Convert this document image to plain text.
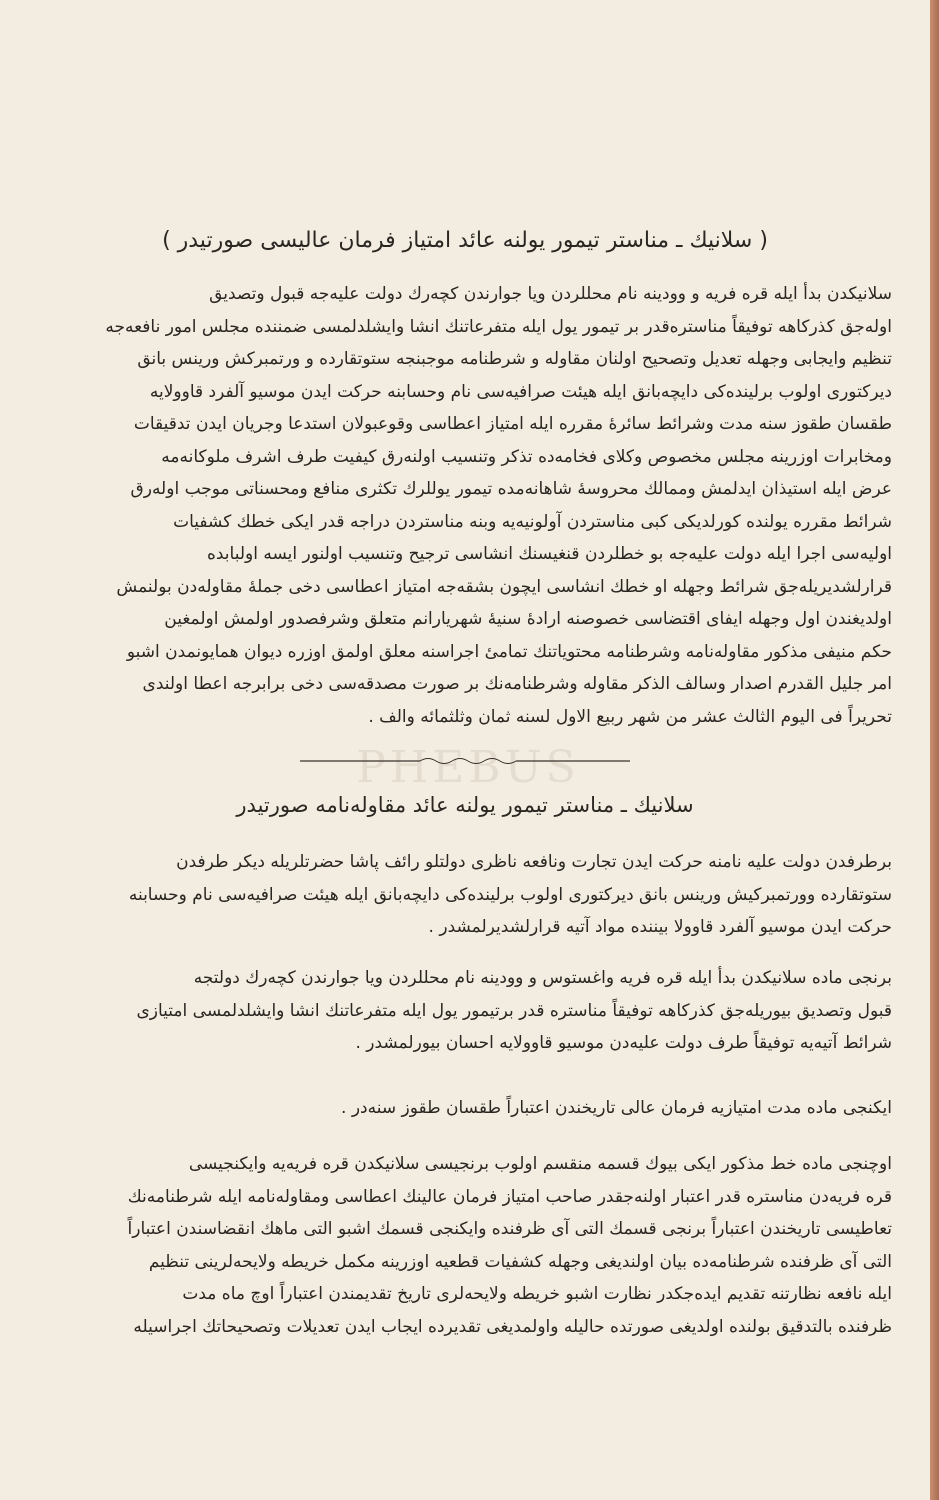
( سلانیك ـ مناستر تیمور یولنه عائد امتیاز فرمان عالیسی صورتیدر )
سلانیکدن بدأ ایله قره فریه و وودینه نام محللردن ویا جوارندن کچه‌رك دولت علیه‌جه قبول وتصدیق
اوله‌جق کذرکاهه توفیقاً مناستره‌قدر بر تیمور یول ایله متفرعاتنك انشا وایشلدلمسی ضمننده مجلس امور نافعه‌جه
تنظیم وایجابی وجهله تعدیل وتصحیح اولنان مقاوله و شرطنامه موجبنجه ستوتقارده و ورتمبرکش ورینس بانق
دیرکتوری اولوب برلینده‌کی دایچه‌بانق ایله هیئت صرافیه‌سی نام وحسابنه حرکت ایدن موسیو آلفرد قاوولایه
طقسان طقوز سنه مدت وشرائط سائرۀ مقرره ایله امتیاز اعطاسی وقوعبولان استدعا وجریان ایدن تدقیقات
ومخابرات اوزرینه مجلس مخصوص وکلای فخامه‌ده تذکر وتنسیب اولنه‌رق کیفیت طرف اشرف ملوکانه‌مه
عرض ایله استیذان ایدلمش وممالك محروسۀ شاهانه‌مده تیمور یوللرك تکثری منافع ومحسناتی موجب اوله‌رق
شرائط مقرره یولنده کورلدیکی کبی مناستردن آولونیه‌یه وبنه مناستردن دراجه قدر ایکی خطك کشفیات
اولیه‌سی اجرا ایله دولت علیه‌جه بو خطلردن قنغیسنك انشاسی ترجیح وتنسیب اولنور ایسه اولبابده
قرارلشدیریله‌جق شرائط وجهله او خطك انشاسی ایچون بشقه‌جه امتیاز اعطاسی دخی جملۀ مقاوله‌دن بولنمش
اولدیغندن اول وجهله ایفای اقتضاسی خصوصنه ارادۀ سنیۀ شهریارانم متعلق وشرفصدور اولمش اولمغین
حکم منیفی مذکور مقاوله‌نامه وشرطنامه محتویاتنك تمامیٔ اجراسنه معلق اولمق اوزره دیوان همایونمدن اشبو
امر جلیل القدرم اصدار وسالف الذکر مقاوله وشرطنامه‌نك بر صورت مصدقه‌سی دخی برابرجه اعطا اولندی
تحریراً فی الیوم الثالث عشر من شهر ربیع الاول لسنه ثمان وثلثمائه والف .
PHEBUS
سلانیك ـ مناستر تیمور یولنه عائد مقاوله‌نامه صورتیدر
برطرفدن دولت علیه نامنه حرکت ایدن تجارت ونافعه ناظری دولتلو رائف پاشا حضرتلریله دیکر طرفدن
ستوتقارده وورتمبرکیش ورینس بانق دیرکتوری اولوب برلینده‌کی دایچه‌بانق ایله هیئت صرافیه‌سی نام وحسابنه
حرکت ایدن موسیو آلفرد قاوولا بیننده مواد آتیه قرارلشدیرلمشدر .
برنجی ماده سلانیکدن بدأ ایله قره فریه واغستوس و وودینه نام محللردن ویا جوارندن کچه‌رك دولتجه
قبول وتصدیق بیوریله‌جق کذرکاهه توفیقاً مناستره قدر برتیمور یول ایله متفرعاتنك انشا وایشلدلمسی امتیازی
شرائط آتیه‌یه توفیقاً طرف دولت علیه‌دن موسیو قاوولایه احسان بیورلمشدر .
ایکنجی ماده مدت امتیازیه فرمان عالی تاریخندن اعتباراً طقسان طقوز سنه‌در .
اوچنجی ماده خط مذکور ایکی بیوك قسمه منقسم اولوب برنجیسی سلانیکدن قره فریه‌یه وایکنجیسی
قره فریه‌دن مناستره قدر اعتبار اولنه‌جقدر صاحب امتیاز فرمان عالینك اعطاسی ومقاوله‌نامه ایله شرطنامه‌نك
تعاطیسی تاریخندن اعتباراً برنجی قسمك التی آی ظرفنده وایکنجی قسمك اشبو التی ماهك انقضاسندن اعتباراً
التی آی ظرفنده شرطنامه‌ده بیان اولندیغی وجهله کشفیات قطعیه اوزرینه مکمل خریطه ولایحه‌لرینی تنظیم
ایله نافعه نظارتنه تقدیم ایده‌جکدر نظارت اشبو خریطه ولایحه‌لری تاریخ تقدیمندن اعتباراً اوچ ماه مدت
ظرفنده بالتدقیق بولنده اولدیغی صورتده حالیله واولمدیغی تقدیرده ایجاب ایدن تعدیلات وتصحیحاتك اجراسیله
